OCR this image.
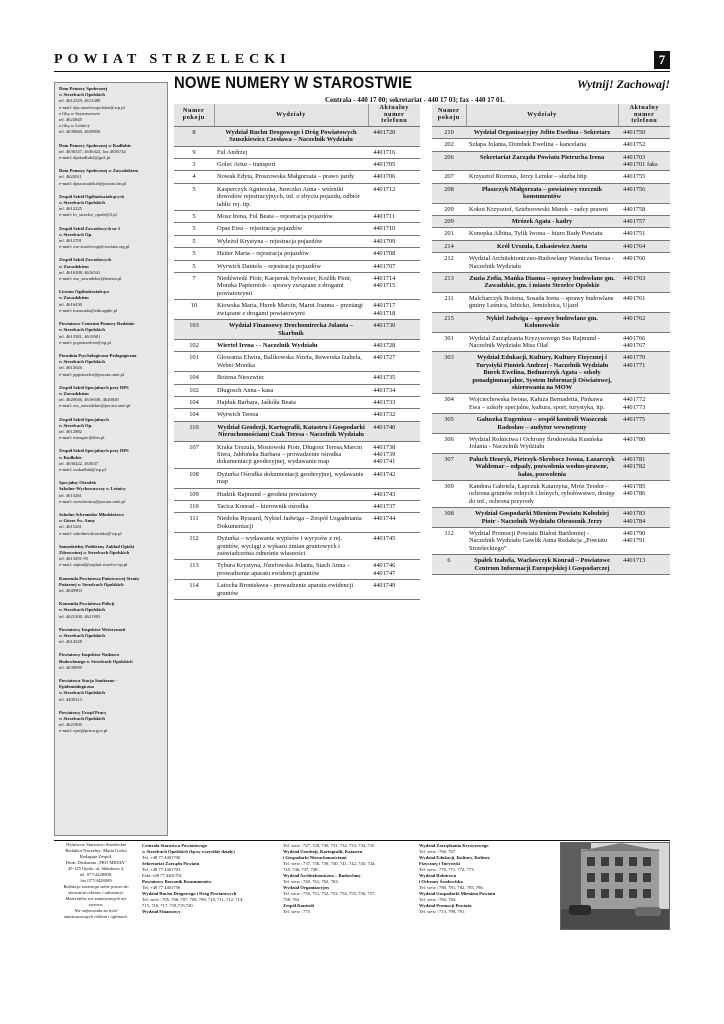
POWIAT STRZELECKI	7
Dom Pomocy Społecznej
w Strzelcach Opolskich
tel. 4612329, 4613480
e-mail: dps.strzelceopolskie@wp.pl
z filią w Szymiszowie
tel. 4623845
z filią w Leśnicy
tel. 4639840, 4639830
Dom Pomocy Społecznej w Kadłubie
tel. 4636337, 4636422, fax 4636744
e-mail: dpskadlub2@go2.pl
Dom Pomocy Społecznej w Zawadzkiem
tel. 4622011
e-mail: dpszawadzkie@poczta.fm.pl
Zespół Szkół Ogólnokształcących
w Strzelcach Opolskich
tel. 4612225
e-mail: lo_strzelce_opole@2.pl
Zespół Szkół Zawodowych nr 1
w Strzelcach Op.
tel. 4612701
e-mail: zsz-strzelceop@oswiata.org.pl
Zespół Szkół Zawodowych
w Zawadzkiem
tel. 4616288, 4616541
e-mail: zsz_zawadzkie@interia.pl
Liceum Ogólnokształcące
w Zawadzkiem
tel. 4616430
e-mail: lozawadz@edu.apple.pl
Powiatowe Centrum Pomocy Rodzinie
w Strzelcach Opolskich
tel. 4613381, 4613901
e-mail: pcprstrzelcee@op.pl
Poradnia Psychologiczno-Pedagogiczna
w Strzelcach Opolskich
tel. 4613026
e-mail: pppstrzelce@poczta.onet.pl
Zespół Szkół Specjalnych przy DPS
w Zawadzkiem
tel. 4620046, 4616049, 4620049
e-mail: zss_zawadzkie@poczta.onet.pl
Zespół Szkół Specjalnych
w Strzelcach Op.
tel. 4612882
e-mail: zsinspec@tlen.pl
Zespół Szkół Specjalnych przy DPS
w Kadłubie
tel. 4636422, 463637
e-mail: zsskadlub@wp.pl
Specjalny Ośrodek
Szkolno-Wychowawczy w Leśnicy
tel. 4615261
e-mail: soswlesnica@poczta.onet.pl
Szkolne Schronisko Młodzieżowe
w Górze Św. Anny
tel. 4615261
e-mail: szkolneschronisko@wp.pl
Samodzielny Publiczny Zakład Opieki
Zdrowotnej w Strzelcach Opolskich
tel. 4613291-95
e-mail: szpital@szpital.strzelce-op.pl
Komenda Powiatowa Państwowej Straży
Pożarnej w Strzelcach Opolskich
tel. 4049903
Komenda Powiatowa Policji
w Strzelcach Opolskich
tel. 4621200, 4621903
Powiatowy Inspektor Weterynarii
w Strzelcach Opolskich
tel. 4614528
Powiatowy Inspektor Nadzoru
Budowlanego w Strzelcach Opolskich
tel. 4639099
Powiatowa Stacja Sanitarno -
Epidemiologiczna
w Strzelcach Opolskich
tel. 4400313
Powiatowy Urząd Pracy
w Strzelcach Opolskich
tel. 4621800
e-mail: opst@praca.gov.pl
NOWE NUMERY W STAROSTWIE	Wytnij! Zachowaj!
Centrala - 440 17 00; sekretariat - 440 17 03; fax - 440 17 01.
Numer pokoju	Wydziały	Aktualny numer telefonu
8	Wydział Ruchu Drogowego i Dróg Powiatowych Szuszkiewicz Czesława – Naczelnik Wydziału	4401720
9	Ful Andrzej	4401716
3	Golec Artur - transport	4401705
4	Nowak Edyta, Proszowska Małgorzata – prawo jazdy	4401706
5	Kasperczyk Agnieszka, Jureczko Anna - wtórniki dowodów rejestracyjnych, inf. o zbyciu pojazdu, odbiór tablic rej. itp.	4401712
5	Mosz Irena, Ful Beata – rejestracja pojazdów	4401711
5	Opas Ewa – rejestracja pojazdów	4401710
5	Wyleżoł Krystyna – rejestracja pojazdów	4401709
5	Heiter Maria – rejestracja pojazdów	4401708
5	Wyrwich Daniela – rejestracja pojazdów	4401707
7	Niedźwiedź Piotr, Kacperak Sylwester, Koźlik Piotr, Monika Papierniok – sprawy związane z drogami powiatowymi	4401714 4401715
10	Kiowska Maria, Hurek Marcin, Marut Joanna – przetargi związane z drogami powiatowymi	4401717 4401718
103	Wydział Finansowy Drochomirecka Jolanta – Skarbnik	4401730
102	Wiertel Irena - - Naczelnik Wydziału	4401728
101	Głowania Elwira, Balikowska Józefa, Rewerska Izabela, Weber Monika	4401727
104	Bożena Nieszwiec	4401735
102	Długosch Anna - kasa	4401734
104	Hajduk Barbara, Jaśkóła Beata	4401733
104	Wyrwich Teresa	4401732
110	Wydział Geodezji, Kartografii, Katastru i Gospodarki Nieruchomościami Czak Teresa - Naczelnik Wydziału	4401740
107	Kraka Urszula, Mostowski Piotr, Długosz Teresa,Marcin Siera, Jabłońska Barbara – prowadzenie ośrodka dokumentacji geodezyjnej, wydawanie map	4401738 4401739 4401741
108	Dyżurka Ośrodka dokumentacji geodezyjnej, wydawanie map	4401742
109	Hudzik Rajmund – geodeta powiatowy	4401743
110	Tacica Konrad – kierownik ośrodka	4401737
111	Niedoba Ryszard, Nykiel Jadwiga – Zespół Uzgadniania Dokumentacji	4401744
112	Dyżurka – wydawanie wypisów i wyrysów z rej. gruntów, wyciągi z wykazu zmian gruntowych i zaświadczenia odnośnie własności	4401745
113	Tybura Krystyna, Józefowska Jolanta, Stach Anna – prowadzenie aparatu ewidencji gruntów	4401746 4401747
114	Latocha Bronisława - prowadzenie aparatu ewidencji gruntów	4401749
Numer pokoju	Wydziały	Aktualny numer telefonu
210	Wydział Organizacyjny Jelito Ewelina - Sekretarz	4401750
202	Szłapa Jolanta, Dombek Ewelina – kancelaria	4401752
206	Sekretariat Zarządu Powiatu Pietrucha Irena	4401703 4401701 faks
207	Krzysztof Rozmus, Jerzy Lemke – służba bhp	4401755
208	Płaszczyk Małgorzata – powiatowy rzecznik konsumentów	4401756
209	Kokot Krzysztof, Szteborowski Marek – radcy prawni	4401758
209	Mrózek Agata - kadry	4401757
201	Konopka Albina, Tylik Iwona – biuro Rady Powiatu	4401751
214	Król Urszula, Łukasiewicz Aneta	4401764
212	Wydział Architektoniczno-Budowlany Wanecka Teresa - Naczelnik Wydziału	4401760
213	Zuzia Zofia, Mańka Dianna – sprawy budowlane gm. Zawadzkie, gm. i miasto Strzelce Opolskie	4401763
211	Malcharczyk Bożena, Sosada Irena – sprawy budowlane gminy Leśnica, Izbicko, Jemielnica, Ujazd	4401761
215	Nykiel Jadwiga – sprawy budowlane gm. Kolonowskie	4401762
301	Wydział Zarządzania Kryzysowego Sus Rajmund - Naczelnik Wydziału Misz Olaf	4401766 4401767
303	Wydział Edukacji, Kultury, Kultury Fizycznej i Turystyki Piontek Andrzej - Naczelnik Wydziału Burek Ewelina, Bednarczyk Agata – szkoły ponadgimnazjalne, System Informacji Oświatowej, skierowania na MOW	4401770 4401771
304	Wojciechowska Iwona, Kałuża Bernadetta, Pinkawa Ewa – szkoły specjalne, kultura, sport, turystyka, itp.	4401772 4401773
305	Gałuszka Eugeniusz – zespół kontroli Waszczuk Radosław – audytor wewnętrzny	4401775
306	Wydział Rolnictwa i Ochrony Środowiska Kusińska Jolanta - Naczelnik Wydziału	4401780
307	Paluch Henryk, Pietrzyk-Skrobocz Iwona, Łazarczyk Waldemar – odpady, pozwolenia wodno-prawne, hałas, pozwolenia	4401781 4401782
309	Kandora Gabriela, Łapczuk Katarzyna, Mróz Teodor – ochrona gruntów rolnych i leśnych, rybołówstwo, dostęp do inf., ochrona przyrody	4401785 4401786
308	Wydział Gospodarki Mieniem Powiatu Kołodziej Piotr - Naczelnik Wydziału Obrusznik Jerzy	4401783 4401784
312	Wydział Promocji Powiatu Białoń Bartłomiej - Naczelnik Wydziału Gawlik Anna Redakcja „Powiatu Strzeleckiego”	4401790 4401791
6	Spałek Izabela, Waclawczyk Konrad – Powiatowe Centrum Informacji Europejskiej i Gospodarczej	4401713
Wydawca: Starostwo Strzeleckie
Redaktor Naczelny: Marta Górka
Redaguje Zespół.
Druk: Drukarnia „PRO MEDIA”
45-125 Opole, ul. Składowa 4,
tel. 077/4428008,
fax 077/4428009
Redakcja zastrzega sobie prawo do
skracania tekstów i adiustacji.
Materiałów nie zamówionych nie
zwraca.
Nie odpowiada za treść
zamieszczonych reklam i ogłoszeń.
Centrala Starostwa Powiatowego
w Strzelcach Opolskich (łączy wszystkie działy)
Tel. +48 77 4401700
Sekretariat Zarządu Powiatu
Tel. +48 77 4401703
Faks +48 77 4401701
Powiatowy Rzecznik Konsumentów
Tel. +48 77 4401756
Wydział Ruchu Drogowego i Dróg Powiatowych
Tel. wew.: 705, 706, 707, 708, 709, 710, 711, 712, 714,
715, 716, 717, 718,719,720.
Wydział Finansowy
Tel. wew.: 727, 728, 730, 731, 732, 733, 734, 735
Wydział Geodezji, Kartografii, Katastru
i Gospodarki Nieruchomościami
Tel. wew.: 737, 738, 739, 740, 741, 742, 743, 744,
745, 746, 747, 749.
Wydział Architektoniczno – Budowlany
Tel. wew.: 760, 761, 762, 763.
Wydział Organizacyjny
Tel. wew.: 750, 751, 752, 753, 754, 755, 756, 757,
758, 764
Zespół Kontroli
Tel. wew.: 775.
Wydział Zarządzania Kryzysowego
Tel. wew.: 766, 767.
Wydział Edukacji, Kultury, Kultury
Fizycznej i Turystyki
Tel. wew.: 770, 771, 772, 773.
Wydział Rolnictwa
i Ochrony Środowiska
Tel. wew.: 780, 781, 782, 785, 786.
Wydział Gospodarki Mieniem Powiatu
Tel. wew.: 783, 784.
Wydział Promocji Powiatu
Tel. wew.: 713, 790, 791.
